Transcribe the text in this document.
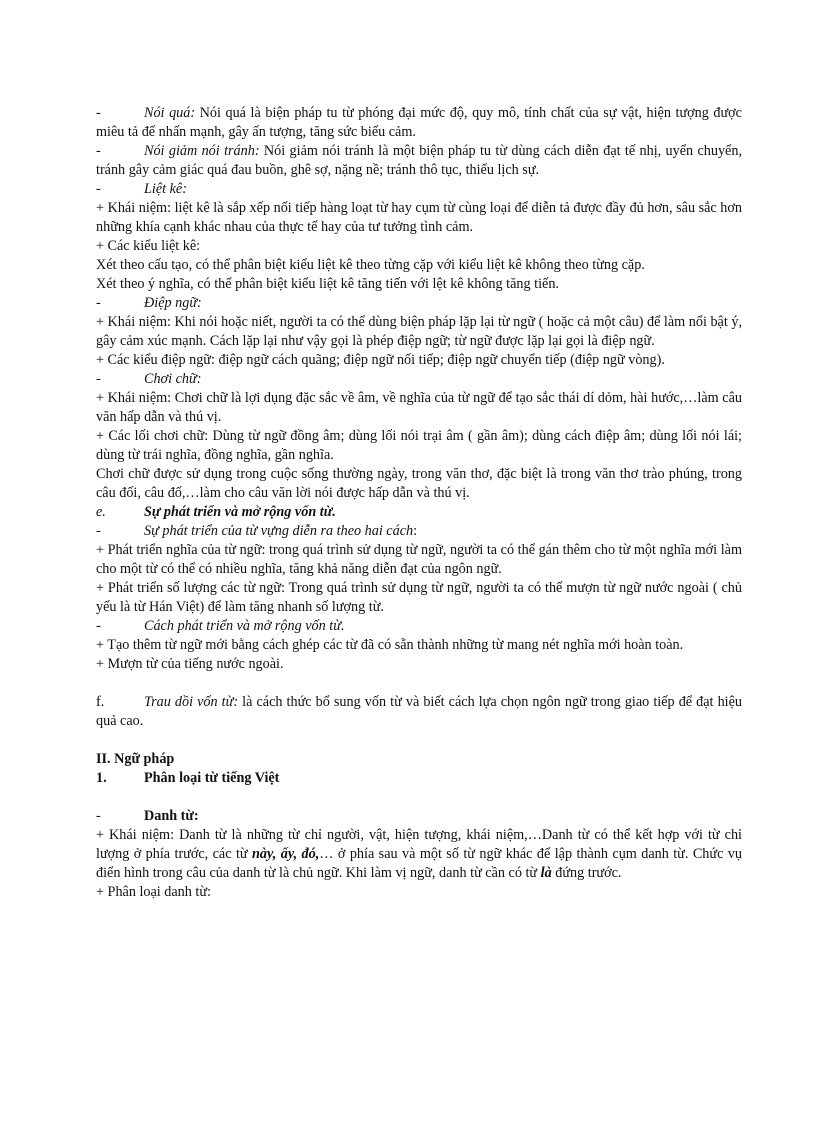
-	Nói quá: Nói quá là biện pháp tu từ phóng đại mức độ, quy mô, tính chất của sự vật, hiện tượng được miêu tả để nhấn mạnh, gây ấn tượng, tăng sức biểu cảm.

-	Nói giảm nói tránh: Nói giảm nói tránh là một biện pháp tu từ dùng cách diễn đạt tế nhị, uyển chuyển, tránh gây cảm giác quá đau buồn, ghê sợ, nặng nề; tránh thô tục, thiếu lịch sự.

-	Liệt kê:

+ Khái niệm: liệt kê là sắp xếp nối tiếp hàng loạt từ hay cụm từ cùng loại để diễn tả được đầy đủ hơn, sâu sắc hơn những khía cạnh khác nhau của thực tế hay của tư tưởng tình cảm.

+ Các kiểu liệt kê:

Xét theo cấu tạo, có thể phân biệt kiểu liệt kê theo từng cặp với kiểu liệt kê không theo từng cặp.

Xét theo ý nghĩa, có thể phân biệt kiểu liệt kê tăng tiến với lệt kê không tăng tiến.

-	Điệp ngữ:

+ Khái niệm: Khi nói hoặc niết, người ta có thể dùng biện pháp lặp lại từ ngữ ( hoặc cả một câu) để làm nổi bật ý, gây cảm xúc mạnh. Cách lặp lại như vậy gọi là phép điệp ngữ; từ ngữ được lặp lại gọi là điệp ngữ.

+ Các kiểu điệp ngữ: điệp ngữ cách quãng; điệp ngữ nối tiếp; điệp ngữ chuyển tiếp (điệp ngữ vòng).

-	Chơi chữ:

+ Khái niệm: Chơi chữ là lợi dụng đặc sắc về âm, về nghĩa của từ ngữ để tạo sắc thái dí dỏm, hài hước,…làm câu văn hấp dẫn và thú vị.

+ Các lối chơi chữ: Dùng từ ngữ đồng âm; dùng lối nói trại âm ( gần âm); dùng cách điệp âm; dùng lối nói lái; dùng từ trái nghĩa, đồng nghĩa, gần nghĩa.

Chơi chữ được sử dụng trong cuộc sống thường ngày, trong văn thơ, đặc biệt là trong văn thơ trào phúng, trong câu đối, câu đố,…làm cho câu văn lời nói được hấp dẫn và thú vị.

e.	Sự phát triển và mở rộng vốn từ.

-	Sự phát triển của từ vựng diễn ra theo hai cách:

+ Phát triển nghĩa của từ ngữ: trong quá trình sử dụng từ ngữ, người ta có thể gán thêm cho từ một nghĩa mới làm cho một từ có thể có nhiều nghĩa, tăng khả năng diễn đạt của ngôn ngữ.

+ Phát triển số lượng các từ ngữ: Trong quá trình sử dụng từ ngữ, người ta có thể mượn từ ngữ nước ngoài ( chủ yếu là từ Hán Việt) để làm tăng nhanh số lượng từ.

-	Cách phát triển và mở rộng vốn từ.

+ Tạo thêm từ ngữ mới bằng cách ghép các từ đã có sẵn thành những từ mang nét nghĩa mới hoàn toàn.

+ Mượn từ của tiếng nước ngoài.

f.	Trau dồi vốn từ: là cách thức bổ sung vốn từ và biết cách lựa chọn ngôn ngữ trong giao tiếp để đạt hiệu quả cao.

II. Ngữ pháp

1.	Phân loại từ tiếng Việt

-	Danh từ:

+ Khái niệm: Danh từ là những từ chỉ người, vật, hiện tượng, khái niệm,…Danh từ có thể kết hợp với từ chỉ lượng ở phía trước, các từ này, ấy, đó,… ở phía sau và một số từ ngữ khác để lập thành cụm danh từ. Chức vụ điển hình trong câu của danh từ là chủ ngữ. Khi làm vị ngữ, danh từ cần có từ là đứng trước.

+ Phân loại danh từ:
